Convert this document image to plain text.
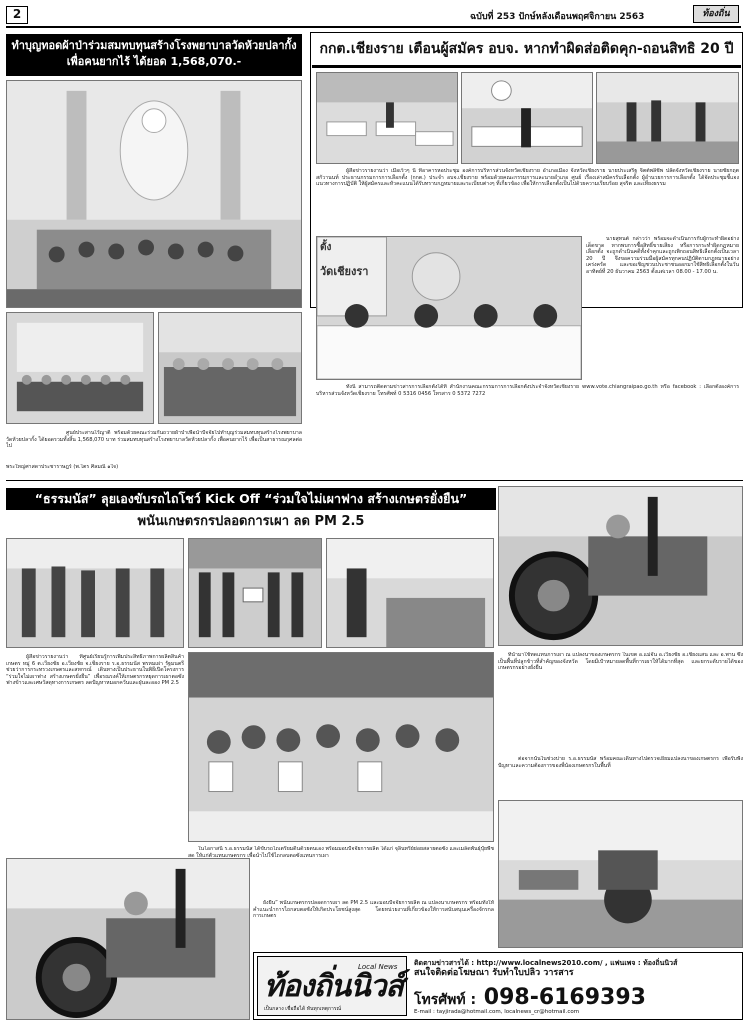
2	ฉบับที่ 253 ปักษ์หลังเดือนพฤศจิกายน 2563	ท้องถิ่น
ทำบุญทอดผ้าป่าร่วมสมทบทุนสร้างโรงพยาบาลวัดห้วยปลากั้ง เพื่อคนยากไร้ ได้ยอด 1,568,070.-
ศูนย์ประสานไร้ญาติ พร้อมด้วยคณะร่วมกันถวายผ้าป่าเพื่อนำปัจจัยไปทำบุญร่วมสมทบทุนสร้างโรงพยาบาลวัดห้วยปลากั้ง ได้ยอดรวมทั้งสิ้น 1,568,070 บาท ร่วมสมทบทุนสร้างโรงพยาบาลวัดห้วยปลากั้ง เพื่อคนยากไร้ เพื่อเป็นสาธารณกุศลต่อไป
พระใหญ่ศาสดาประชาราษฎร์ (พ.ไตร ศิลมณี ๑ใจ)
กกต.เชียงราย เตือนผู้สมัคร อบจ. หากทำผิดส่อติดคุก-ถอนสิทธิ 20 ปี
ผู้สื่อข่าวรายงานว่า เมื่อเร็วๆ นี้ ที่อาคารหอประชุม องค์การบริหารส่วนจังหวัดเชียงราย อำเภอเมือง จังหวัดเชียงราย นายประเสริฐ จิตต์พลีชีพ ปลัดจังหวัดเชียงราย นายชัยกฤต สกัวานนท์ ประธานกรรมการการเลือกตั้ง (กกต.) ประจำ อบจ.เชียงราย พร้อมด้วยคณะกรรมการและนายอำเภอ ศูนย์ เรื่องเล่าสมัครรับเลือกตั้ง ผู้อำนวยการการเลือกตั้ง ได้จัดประชุมชี้แจงแนวทางการปฏิบัติ ให้ผู้สมัครและหัวคะแนนได้รับทราบกฎหมายและระเบียบต่างๆ ที่เกี่ยวข้อง เพื่อให้การเลือกตั้งเป็นไปด้วยความเรียบร้อย สุจริต และเที่ยงธรรม
ตั้ง
วัดเชียงรา
นายสุทนต์ กล่าวว่า พร้อมจะดำเนินการกับผู้กระทำผิดอย่างเด็ดขาด หากพบการซื้อสิทธิ์ขายเสียง หรือการกระทำผิดกฎหมายเลือกตั้ง จะถูกดำเนินคดีทั้งจำคุกและถูกเพิกถอนสิทธิเลือกตั้งเป็นเวลา 20 ปี จึงขอความร่วมมือผู้สมัครทุกคนปฏิบัติตามกฎหมายอย่างเคร่งครัด และขอเชิญชวนประชาชนออกมาใช้สิทธิเลือกตั้งในวันอาทิตย์ที่ 20 ธันวาคม 2563 ตั้งแต่เวลา 08.00 - 17.00 น.
ทั้งนี้ สามารถติดตามข่าวสารการเลือกตั้งได้ที่ สำนักงานคณะกรรมการการเลือกตั้งประจำจังหวัดเชียงราย www.vote.chiangraipao.go.th หรือ facebook : เลือกตั้งองค์การบริหารส่วนจังหวัดเชียงราย โทรศัพท์ 0 5316 0456 โทรสาร 0 5372 7272
“ธรรมนัส” ลุยเองขับรถไถโชว์ Kick Off “ร่วมใจไม่เผาฟาง สร้างเกษตรยั่งยืน”
พนันเกษตรกรปลอดการเผา ลด PM 2.5
ผู้สื่อข่าวรายงานว่า ที่ศูนย์เรียนรู้การเพิ่มประสิทธิภาพการผลิตสินค้าเกษตร หมู่ 6 ต.เวียงชัย อ.เวียงชัย จ.เชียงราย ร.อ.ธรรมนัส พรหมเผ่า รัฐมนตรีช่วยว่าการกระทรวงเกษตรและสหกรณ์ เดินทางเป็นประธานในพิธีเปิดโครงการ “ร่วมใจไม่เผาฟาง สร้างเกษตรยั่งยืน” เพื่อรณรงค์ให้เกษตรกรหยุดการเผาตอซังฟางข้าวและเศษวัสดุทางการเกษตร ลดปัญหาหมอกควันและฝุ่นละออง PM 2.5
ที่นำมาใช้ทดแทนการเผา ณ แปลงนาของเกษตรกร ในเขต อ.แม่จัน อ.เวียงชัย อ.เชียงแสน และ อ.พาน ซึ่งเป็นพื้นที่ปลูกข้าวที่สำคัญของจังหวัด โดยมีเป้าหมายลดพื้นที่การเผาให้ได้มากที่สุด และยกระดับรายได้ของเกษตรกรอย่างยั่งยืน
ต่อจากนั้นในช่วงบ่าย ร.อ.ธรรมนัส พร้อมคณะเดินทางไปตรวจเยี่ยมแปลงนาของเกษตรกร เพื่อรับฟังปัญหาและความต้องการของพี่น้องเกษตรกรในพื้นที่
ในโอกาสนี้ ร.อ.ธรรมนัส ได้ขับรถไถเตรียมดินด้วยตนเอง พร้อมมอบปัจจัยการผลิต ได้แก่ จุลินทรีย์ย่อยสลายตอซัง และเมล็ดพันธุ์ปุ๋ยพืชสด ให้แก่ตัวแทนเกษตรกร เพื่อนำไปใช้ไถกลบตอซังแทนการเผา
ยั่งยืน” พนันเกษตรกรปลอดการเผา ลด PM 2.5 และมอบปัจจัยการผลิต ณ แปลงนาเกษตรกร พร้อมทั้งให้คำแนะนำการไถกลบตอซังให้เกิดประโยชน์สูงสุด โดยหน่วยงานที่เกี่ยวข้องให้การสนับสนุนเครื่องจักรกลการเกษตร
ท้องถิ่นนิวส์
Local News
เป็นกลาง เชื่อถือได้ ทันทุกเหตุการณ์
ติดตามข่าวสารได้ : http://www.localnews2010.com/ , แฟนเพจ : ท้องถิ่นนิวส์
สนใจติดต่อโฆษณา รับทำใบปลิว วารสาร
โทรศัพท์ : 098-6169393
E-mail : tayjirada@hotmail.com, localnews_cr@hotmail.com
